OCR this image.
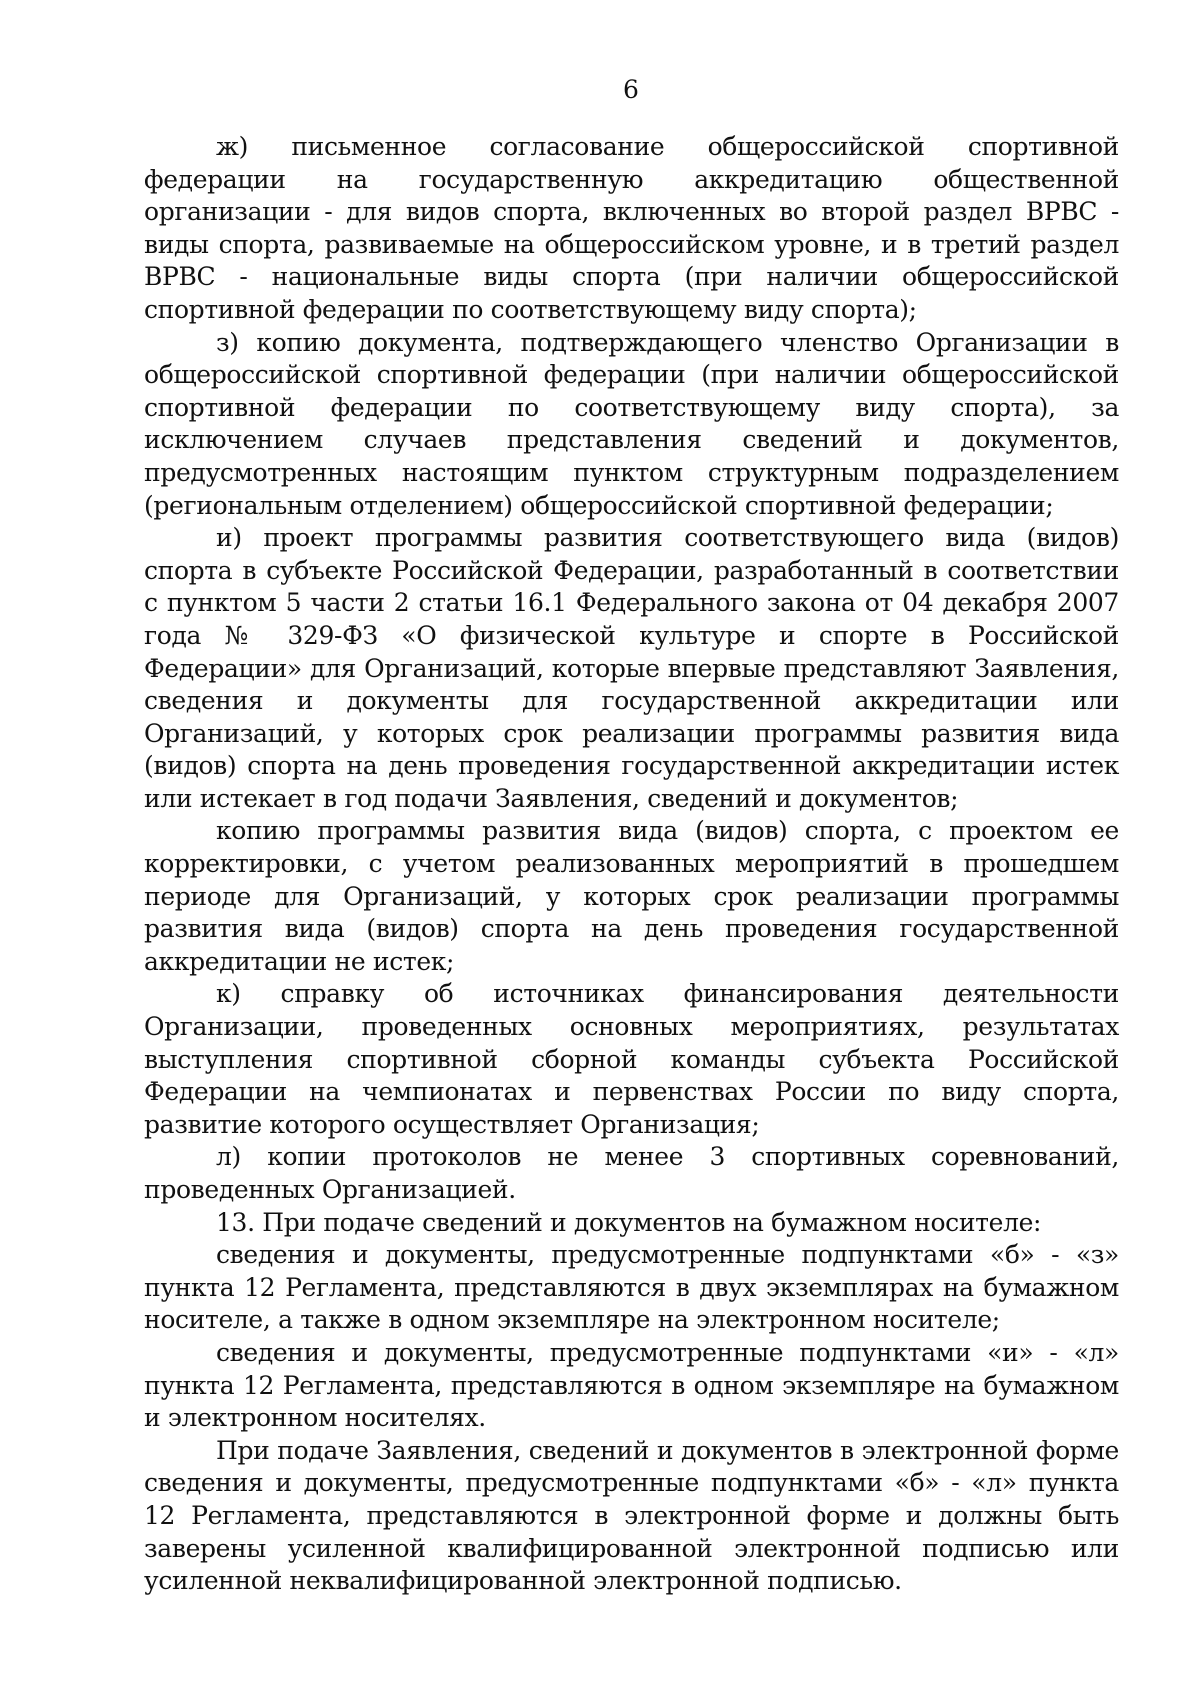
6

ж) письменное согласование общероссийской спортивной федерации на государственную аккредитацию общественной организации - для видов спорта, включенных во второй раздел ВРВС - виды спорта, развиваемые на общероссийском уровне, и в третий раздел ВРВС - национальные виды спорта (при наличии общероссийской спортивной федерации по соответствующему виду спорта);

з) копию документа, подтверждающего членство Организации в общероссийской спортивной федерации (при наличии общероссийской спортивной федерации по соответствующему виду спорта), за исключением случаев представления сведений и документов, предусмотренных настоящим пунктом структурным подразделением (региональным отделением) общероссийской спортивной федерации;

и) проект программы развития соответствующего вида (видов) спорта в субъекте Российской Федерации, разработанный в соответствии с пунктом 5 части 2 статьи 16.1 Федерального закона от 04 декабря 2007 года № 329-ФЗ «О физической культуре и спорте в Российской Федерации» для Организаций, которые впервые представляют Заявления, сведения и документы для государственной аккредитации или Организаций, у которых срок реализации программы развития вида (видов) спорта на день проведения государственной аккредитации истек или истекает в год подачи Заявления, сведений и документов;

копию программы развития вида (видов) спорта, с проектом ее корректировки, с учетом реализованных мероприятий в прошедшем периоде для Организаций, у которых срок реализации программы развития вида (видов) спорта на день проведения государственной аккредитации не истек;

к) справку об источниках финансирования деятельности Организации, проведенных основных мероприятиях, результатах выступления спортивной сборной команды субъекта Российской Федерации на чемпионатах и первенствах России по виду спорта, развитие которого осуществляет Организация;

л) копии протоколов не менее 3 спортивных соревнований, проведенных Организацией.

13. При подаче сведений и документов на бумажном носителе:

сведения и документы, предусмотренные подпунктами «б» - «з» пункта 12 Регламента, представляются в двух экземплярах на бумажном носителе, а также в одном экземпляре на электронном носителе;

сведения и документы, предусмотренные подпунктами «и» - «л» пункта 12 Регламента, представляются в одном экземпляре на бумажном и электронном носителях.

При подаче Заявления, сведений и документов в электронной форме сведения и документы, предусмотренные подпунктами «б» - «л» пункта 12 Регламента, представляются в электронной форме и должны быть заверены усиленной квалифицированной электронной подписью или усиленной неквалифицированной электронной подписью.
